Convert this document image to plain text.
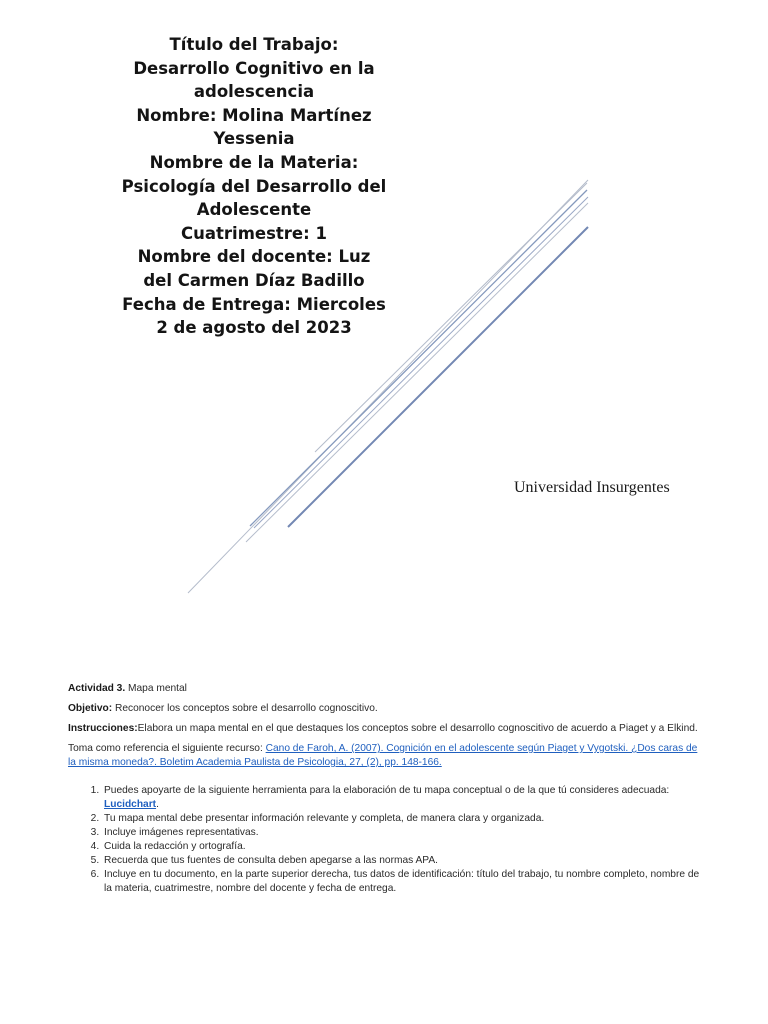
Título del Trabajo:
Desarrollo Cognitivo en la
adolescencia
Nombre: Molina Martínez
Yessenia
Nombre de la Materia:
Psicología del Desarrollo del
Adolescente
Cuatrimestre: 1
Nombre del docente: Luz
del Carmen Díaz Badillo
Fecha de Entrega: Miercoles
2 de agosto del 2023
Universidad Insurgentes

Actividad 3. Mapa mental

Objetivo: Reconocer los conceptos sobre el desarrollo cognoscitivo.

Instrucciones:Elabora un mapa mental en el que destaques los conceptos sobre el desarrollo cognoscitivo de acuerdo a Piaget y a Elkind.

Toma como referencia el siguiente recurso: Cano de Faroh, A. (2007). Cognición en el adolescente según Piaget y Vygotski. ¿Dos caras de la misma moneda?. Boletim Academia Paulista de Psicologia, 27, (2), pp. 148-166.

1. Puedes apoyarte de la siguiente herramienta para la elaboración de tu mapa conceptual o de la que tú consideres adecuada: Lucidchart.
2. Tu mapa mental debe presentar información relevante y completa, de manera clara y organizada.
3. Incluye imágenes representativas.
4. Cuida la redacción y ortografía.
5. Recuerda que tus fuentes de consulta deben apegarse a las normas APA.
6. Incluye en tu documento, en la parte superior derecha, tus datos de identificación: título del trabajo, tu nombre completo, nombre de la materia, cuatrimestre, nombre del docente y fecha de entrega.
